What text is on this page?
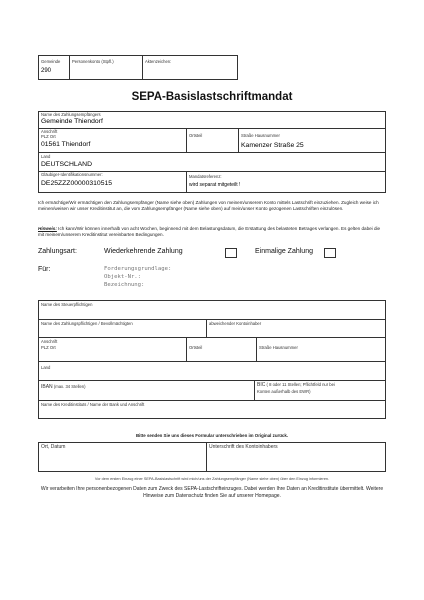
Gemeinde
290
Personenkonto (Stpfl.)	Aktenzeichen:
SEPA-Basislastschriftmandat
Name des Zahlungsempfängers
Gemeinde Thiendorf
Anschrift
PLZ Ort
01561 Thiendorf
Ortsteil	Straße Hausnummer
Kamenzer Straße 25
Land
DEUTSCHLAND
Gläubiger-Identifikationsnummer:
DE25ZZZ00000310515
Mandatsreferenz:
wird separat mitgeteilt !
Ich ermächtige/Wir ermächtigen den Zahlungsempfänger (Name siehe oben) Zahlungen von meinem/unserem Konto mittels Lastschrift einzuziehen. Zugleich weise ich meinen/weisen wir unser Kreditinstitut an, die vom Zahlungsempfänger (Name siehe oben) auf mein/unser Konto gezogenen Lastschriften einzulösen.
Hinweis: Ich kann/Wir können innerhalb von acht Wochen, beginnend mit dem Belastungsdatum, die Erstattung des belasteten Betrages verlangen. Es gelten dabei die mit meinem/unserem Kreditinstitut vereinbarten Bedingungen.
Zahlungsart:	Wiederkehrende Zahlung	Einmalige Zahlung
Für:	Forderungsgrundlage:
Objekt-Nr.:
Bezeichnung:
Name des Steuerpflichtigen
Name des Zahlungspflichtigen / Bevollmächtigten	abweichender Kontoinhaber
Anschrift
PLZ Ort	Ortsteil	Straße Hausnummer
Land
IBAN (max. 34 Stellen)	BIC ( 8 oder 11 Stellen; Pflichtfeld nur bei
Konten außerhalb des EWR)
Name des Kreditinstituts / Name der Bank und Anschrift
Bitte senden Sie uns dieses Formular unterschrieben im Original zurück.
Ort, Datum	Unterschrift des Kontoinhabers
Vor dem ersten Einzug einer SEPA-Basislastschrift wird mich/uns der Zahlungsempfänger (Name siehe oben) über den Einzug informieren.
Wir verarbeiten Ihre personenbezogenen Daten zum Zweck des SEPA-Lastschrifteinzuges. Dabei werden Ihre Daten an Kreditinstitute übermittelt. Weitere Hinweise zum Datenschutz finden Sie auf unserer Homepage.
